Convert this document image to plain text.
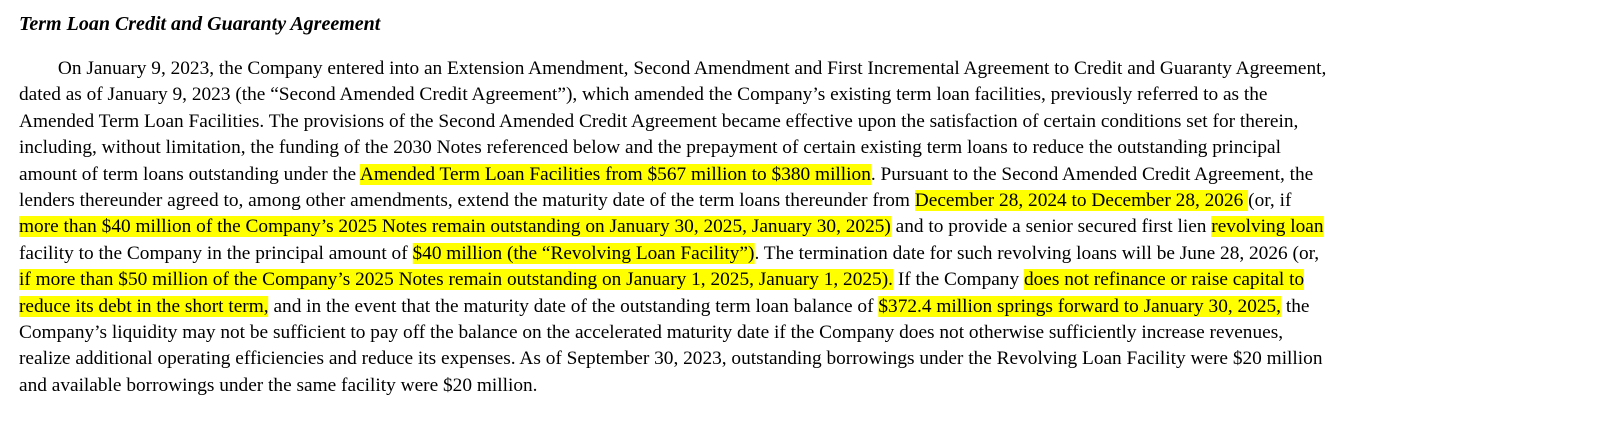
Term Loan Credit and Guaranty Agreement
On January 9, 2023, the Company entered into an Extension Amendment, Second Amendment and First Incremental Agreement to Credit and Guaranty Agreement,
dated as of January 9, 2023 (the “Second Amended Credit Agreement”), which amended the Company’s existing term loan facilities, previously referred to as the
Amended Term Loan Facilities. The provisions of the Second Amended Credit Agreement became effective upon the satisfaction of certain conditions set for therein,
including, without limitation, the funding of the 2030 Notes referenced below and the prepayment of certain existing term loans to reduce the outstanding principal
amount of term loans outstanding under the Amended Term Loan Facilities from $567 million to $380 million. Pursuant to the Second Amended Credit Agreement, the
lenders thereunder agreed to, among other amendments, extend the maturity date of the term loans thereunder from December 28, 2024 to December 28, 2026 (or, if
more than $40 million of the Company’s 2025 Notes remain outstanding on January 30, 2025, January 30, 2025) and to provide a senior secured first lien revolving loan
facility to the Company in the principal amount of $40 million (the “Revolving Loan Facility”). The termination date for such revolving loans will be June 28, 2026 (or,
if more than $50 million of the Company’s 2025 Notes remain outstanding on January 1, 2025, January 1, 2025). If the Company does not refinance or raise capital to
reduce its debt in the short term, and in the event that the maturity date of the outstanding term loan balance of $372.4 million springs forward to January 30, 2025, the
Company’s liquidity may not be sufficient to pay off the balance on the accelerated maturity date if the Company does not otherwise sufficiently increase revenues,
realize additional operating efficiencies and reduce its expenses. As of September 30, 2023, outstanding borrowings under the Revolving Loan Facility were $20 million
and available borrowings under the same facility were $20 million.
